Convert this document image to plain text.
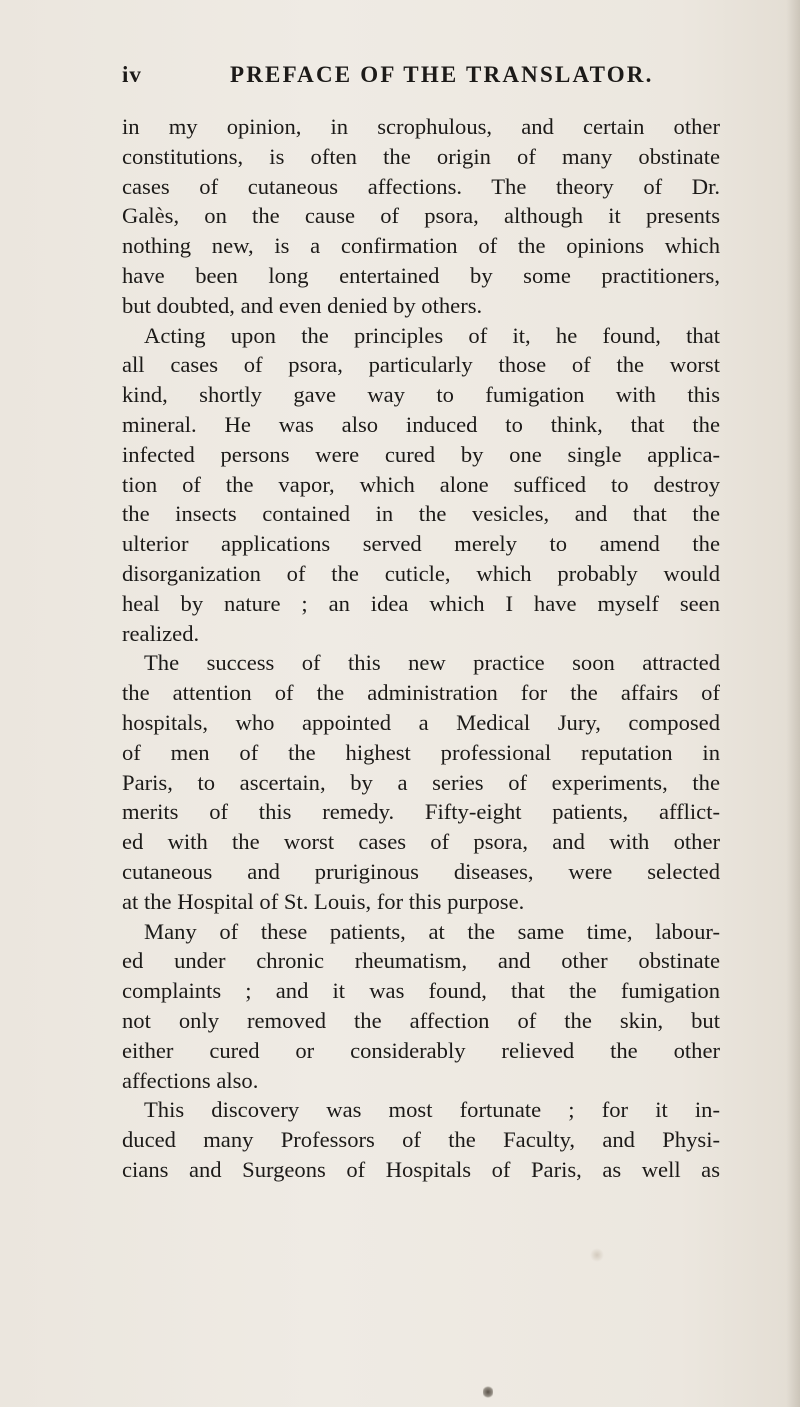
iv	PREFACE OF THE TRANSLATOR.
in my opinion, in scrophulous, and certain other
constitutions, is often the origin of many obstinate
cases of cutaneous affections. The theory of Dr.
Galès, on the cause of psora, although it presents
nothing new, is a confirmation of the opinions which
have been long entertained by some practitioners,
but doubted, and even denied by others.
Acting upon the principles of it, he found, that
all cases of psora, particularly those of the worst
kind, shortly gave way to fumigation with this
mineral. He was also induced to think, that the
infected persons were cured by one single applica-
tion of the vapor, which alone sufficed to destroy
the insects contained in the vesicles, and that the
ulterior applications served merely to amend the
disorganization of the cuticle, which probably would
heal by nature ; an idea which I have myself seen
realized.
The success of this new practice soon attracted
the attention of the administration for the affairs of
hospitals, who appointed a Medical Jury, composed
of men of the highest professional reputation in
Paris, to ascertain, by a series of experiments, the
merits of this remedy. Fifty-eight patients, afflict-
ed with the worst cases of psora, and with other
cutaneous and pruriginous diseases, were selected
at the Hospital of St. Louis, for this purpose.
Many of these patients, at the same time, labour-
ed under chronic rheumatism, and other obstinate
complaints ; and it was found, that the fumigation
not only removed the affection of the skin, but
either cured or considerably relieved the other
affections also.
This discovery was most fortunate ; for it in-
duced many Professors of the Faculty, and Physi-
cians and Surgeons of Hospitals of Paris, as well as
